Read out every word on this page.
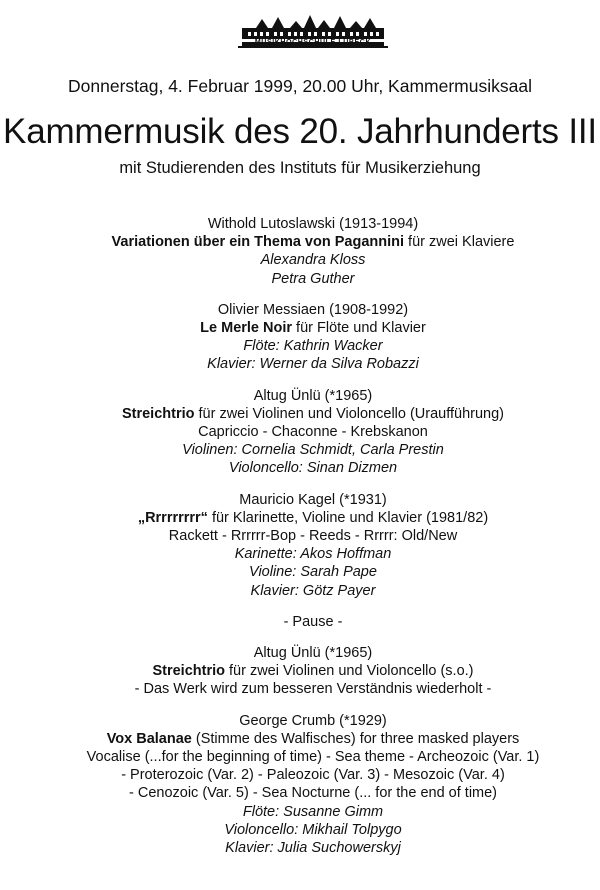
MUSIKHOCHSCHULE LÜBECK
Donnerstag, 4. Februar 1999, 20.00 Uhr, Kammermusiksaal
Kammermusik des 20. Jahrhunderts III
mit Studierenden des Instituts für Musikerziehung
Withold Lutoslawski (1913-1994)
Variationen über ein Thema von Pagannini für zwei Klaviere
Alexandra Kloss
Petra Guther
Olivier Messiaen (1908-1992)
Le Merle Noir für Flöte und Klavier
Flöte: Kathrin Wacker
Klavier: Werner da Silva Robazzi
Altug Ünlü (*1965)
Streichtrio für zwei Violinen und Violoncello (Uraufführung)
Capriccio - Chaconne - Krebskanon
Violinen: Cornelia Schmidt, Carla Prestin
Violoncello: Sinan Dizmen
Mauricio Kagel (*1931)
„Rrrrrrrrr“ für Klarinette, Violine und Klavier (1981/82)
Rackett - Rrrrrr-Bop - Reeds - Rrrrr: Old/New
Karinette: Akos Hoffman
Violine: Sarah Pape
Klavier: Götz Payer
- Pause -
Altug Ünlü (*1965)
Streichtrio für zwei Violinen und Violoncello (s.o.)
- Das Werk wird zum besseren Verständnis wiederholt -
George Crumb (*1929)
Vox Balanae (Stimme des Walfisches) for three masked players
Vocalise (...for the beginning of time) - Sea theme - Archeozoic (Var. 1)
- Proterozoic (Var. 2) - Paleozoic (Var. 3) - Mesozoic (Var. 4)
- Cenozoic (Var. 5) - Sea Nocturne (... for the end of time)
Flöte: Susanne Gimm
Violoncello: Mikhail Tolpygo
Klavier: Julia Suchowerskyj
